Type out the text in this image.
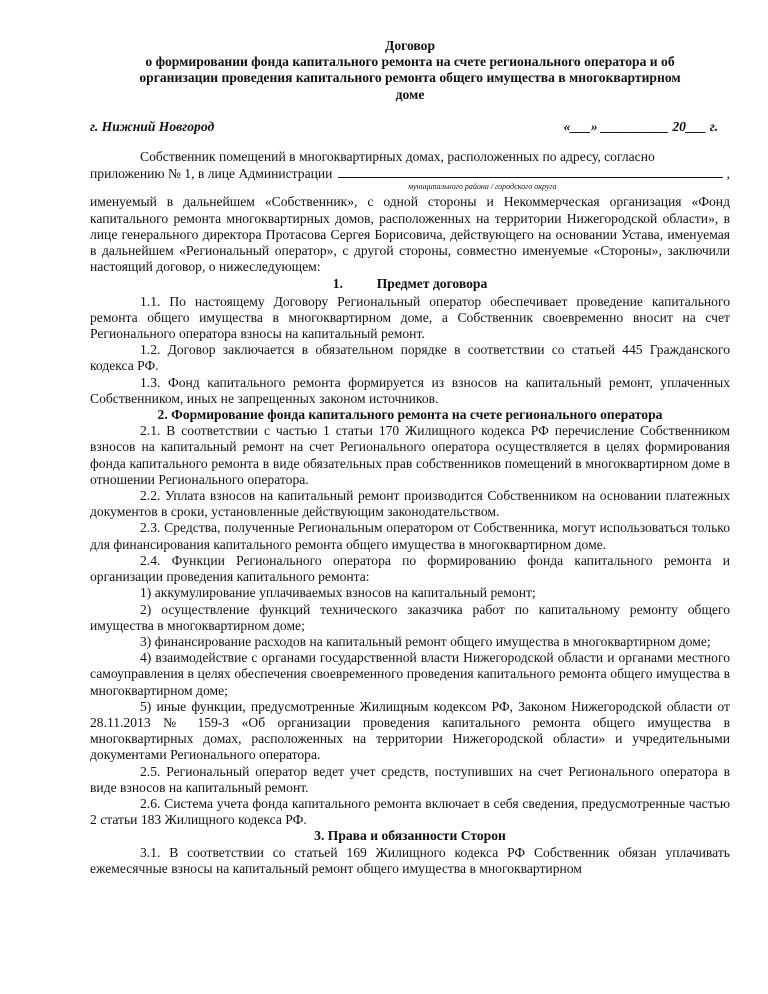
Договор
о формировании фонда капитального ремонта на счете регионального оператора и об
организации проведения капитального ремонта общего имущества в многоквартирном
доме
г. Нижний Новгород	«___» __________ 20___ г.

Собственник помещений в многоквартирных домах, расположенных по адресу, согласно

приложению № 1, в лице Администрации	,
муниципального района / городского округа

именуемый в дальнейшем «Собственник», с одной стороны и Некоммерческая организация «Фонд капитального ремонта многоквартирных домов, расположенных на территории Нижегородской области», в лице генерального директора Протасова Сергея Борисовича, действующего на основании Устава, именуемая в дальнейшем «Региональный оператор», с другой стороны, совместно именуемые «Стороны», заключили настоящий договор, о нижеследующем:

1. Предмет договора

1.1. По настоящему Договору Региональный оператор обеспечивает проведение капитального ремонта общего имущества в многоквартирном доме, а Собственник своевременно вносит на счет Регионального оператора взносы на капитальный ремонт.

1.2. Договор заключается в обязательном порядке в соответствии со статьей 445 Гражданского кодекса РФ.

1.3. Фонд капитального ремонта формируется из взносов на капитальный ремонт, уплаченных Собственником, иных не запрещенных законом источников.

2. Формирование фонда капитального ремонта на счете регионального оператора

2.1. В соответствии с частью 1 статьи 170 Жилищного кодекса РФ перечисление Собственником взносов на капитальный ремонт на счет Регионального оператора осуществляется в целях формирования фонда капитального ремонта в виде обязательных прав собственников помещений в многоквартирном доме в отношении Регионального оператора.

2.2. Уплата взносов на капитальный ремонт производится Собственником на основании платежных документов в сроки, установленные действующим законодательством.

2.3. Средства, полученные Региональным оператором от Собственника, могут использоваться только для финансирования капитального ремонта общего имущества в многоквартирном доме.

2.4. Функции Регионального оператора по формированию фонда капитального ремонта и организации проведения капитального ремонта:

1) аккумулирование уплачиваемых взносов на капитальный ремонт;

2) осуществление функций технического заказчика работ по капитальному ремонту общего имущества в многоквартирном доме;

3) финансирование расходов на капитальный ремонт общего имущества в многоквартирном доме;

4) взаимодействие с органами государственной власти Нижегородской области и органами местного самоуправления в целях обеспечения своевременного проведения капитального ремонта общего имущества в многоквартирном доме;

5) иные функции, предусмотренные Жилищным кодексом РФ, Законом Нижегородской области от 28.11.2013 № 159-З «Об организации проведения капитального ремонта общего имущества в многоквартирных домах, расположенных на территории Нижегородской области» и учредительными документами Регионального оператора.

2.5. Региональный оператор ведет учет средств, поступивших на счет Регионального оператора в виде взносов на капитальный ремонт.

2.6. Система учета фонда капитального ремонта включает в себя сведения, предусмотренные частью 2 статьи 183 Жилищного кодекса РФ.

3. Права и обязанности Сторон

3.1. В соответствии со статьей 169 Жилищного кодекса РФ Собственник обязан уплачивать ежемесячные взносы на капитальный ремонт общего имущества в многоквартирном
